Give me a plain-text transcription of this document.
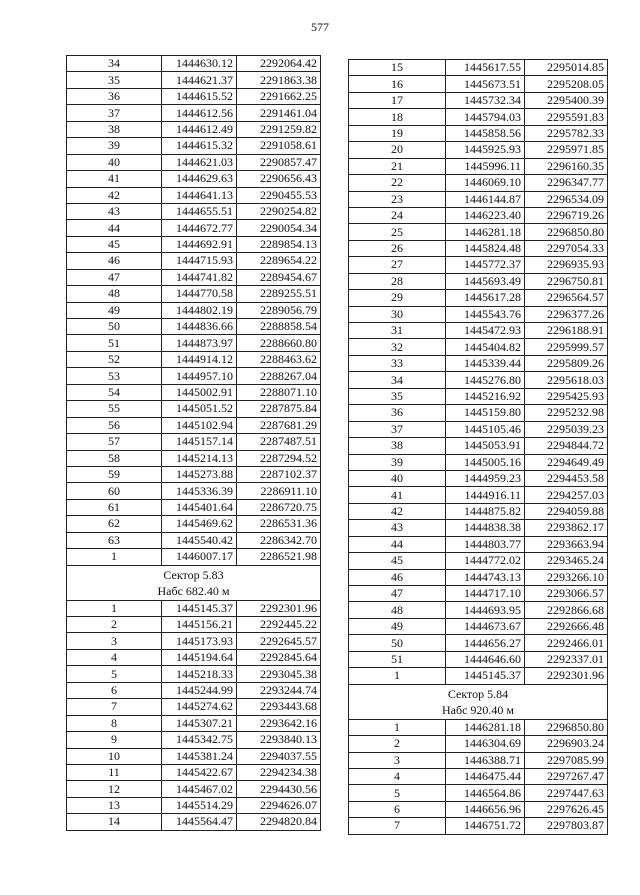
577
34	1444630.12	2292064.42
35	1444621.37	2291863.38
36	1444615.52	2291662.25
37	1444612.56	2291461.04
38	1444612.49	2291259.82
39	1444615.32	2291058.61
40	1444621.03	2290857.47
41	1444629.63	2290656.43
42	1444641.13	2290455.53
43	1444655.51	2290254.82
44	1444672.77	2290054.34
45	1444692.91	2289854.13
46	1444715.93	2289654.22
47	1444741.82	2289454.67
48	1444770.58	2289255.51
49	1444802.19	2289056.79
50	1444836.66	2288858.54
51	1444873.97	2288660.80
52	1444914.12	2288463.62
53	1444957.10	2288267.04
54	1445002.91	2288071.10
55	1445051.52	2287875.84
56	1445102.94	2287681.29
57	1445157.14	2287487.51
58	1445214.13	2287294.52
59	1445273.88	2287102.37
60	1445336.39	2286911.10
61	1445401.64	2286720.75
62	1445469.62	2286531.36
63	1445540.42	2286342.70
1	1446007.17	2286521.98

Сектор 5.83
Набс 682.40 м		

1	1445145.37	2292301.96
2	1445156.21	2292445.22
3	1445173.93	2292645.57
4	1445194.64	2292845.64
5	1445218.33	2293045.38
6	1445244.99	2293244.74
7	1445274.62	2293443.68
8	1445307.21	2293642.16
9	1445342.75	2293840.13
10	1445381.24	2294037.55
11	1445422.67	2294234.38
12	1445467.02	2294430.56
13	1445514.29	2294626.07
14	1445564.47	2294820.84
15	1445617.55	2295014.85
16	1445673.51	2295208.05
17	1445732.34	2295400.39
18	1445794.03	2295591.83
19	1445858.56	2295782.33
20	1445925.93	2295971.85
21	1445996.11	2296160.35
22	1446069.10	2296347.77
23	1446144.87	2296534.09
24	1446223.40	2296719.26
25	1446281.18	2296850.80
26	1445824.48	2297054.33
27	1445772.37	2296935.93
28	1445693.49	2296750.81
29	1445617.28	2296564.57
30	1445543.76	2296377.26
31	1445472.93	2296188.91
32	1445404.82	2295999.57
33	1445339.44	2295809.26
34	1445276.80	2295618.03
35	1445216.92	2295425.93
36	1445159.80	2295232.98
37	1445105.46	2295039.23
38	1445053.91	2294844.72
39	1445005.16	2294649.49
40	1444959.23	2294453.58
41	1444916.11	2294257.03
42	1444875.82	2294059.88
43	1444838.38	2293862.17
44	1444803.77	2293663.94
45	1444772.02	2293465.24
46	1444743.13	2293266.10
47	1444717.10	2293066.57
48	1444693.95	2292866.68
49	1444673.67	2292666.48
50	1444656.27	2292466.01
51	1444646.60	2292337.01
1	1445145.37	2292301.96

Сектор 5.84
Набс 920.40 м		

1	1446281.18	2296850.80
2	1446304.69	2296903.24
3	1446388.71	2297085.99
4	1446475.44	2297267.47
5	1446564.86	2297447.63
6	1446656.96	2297626.45
7	1446751.72	2297803.87
